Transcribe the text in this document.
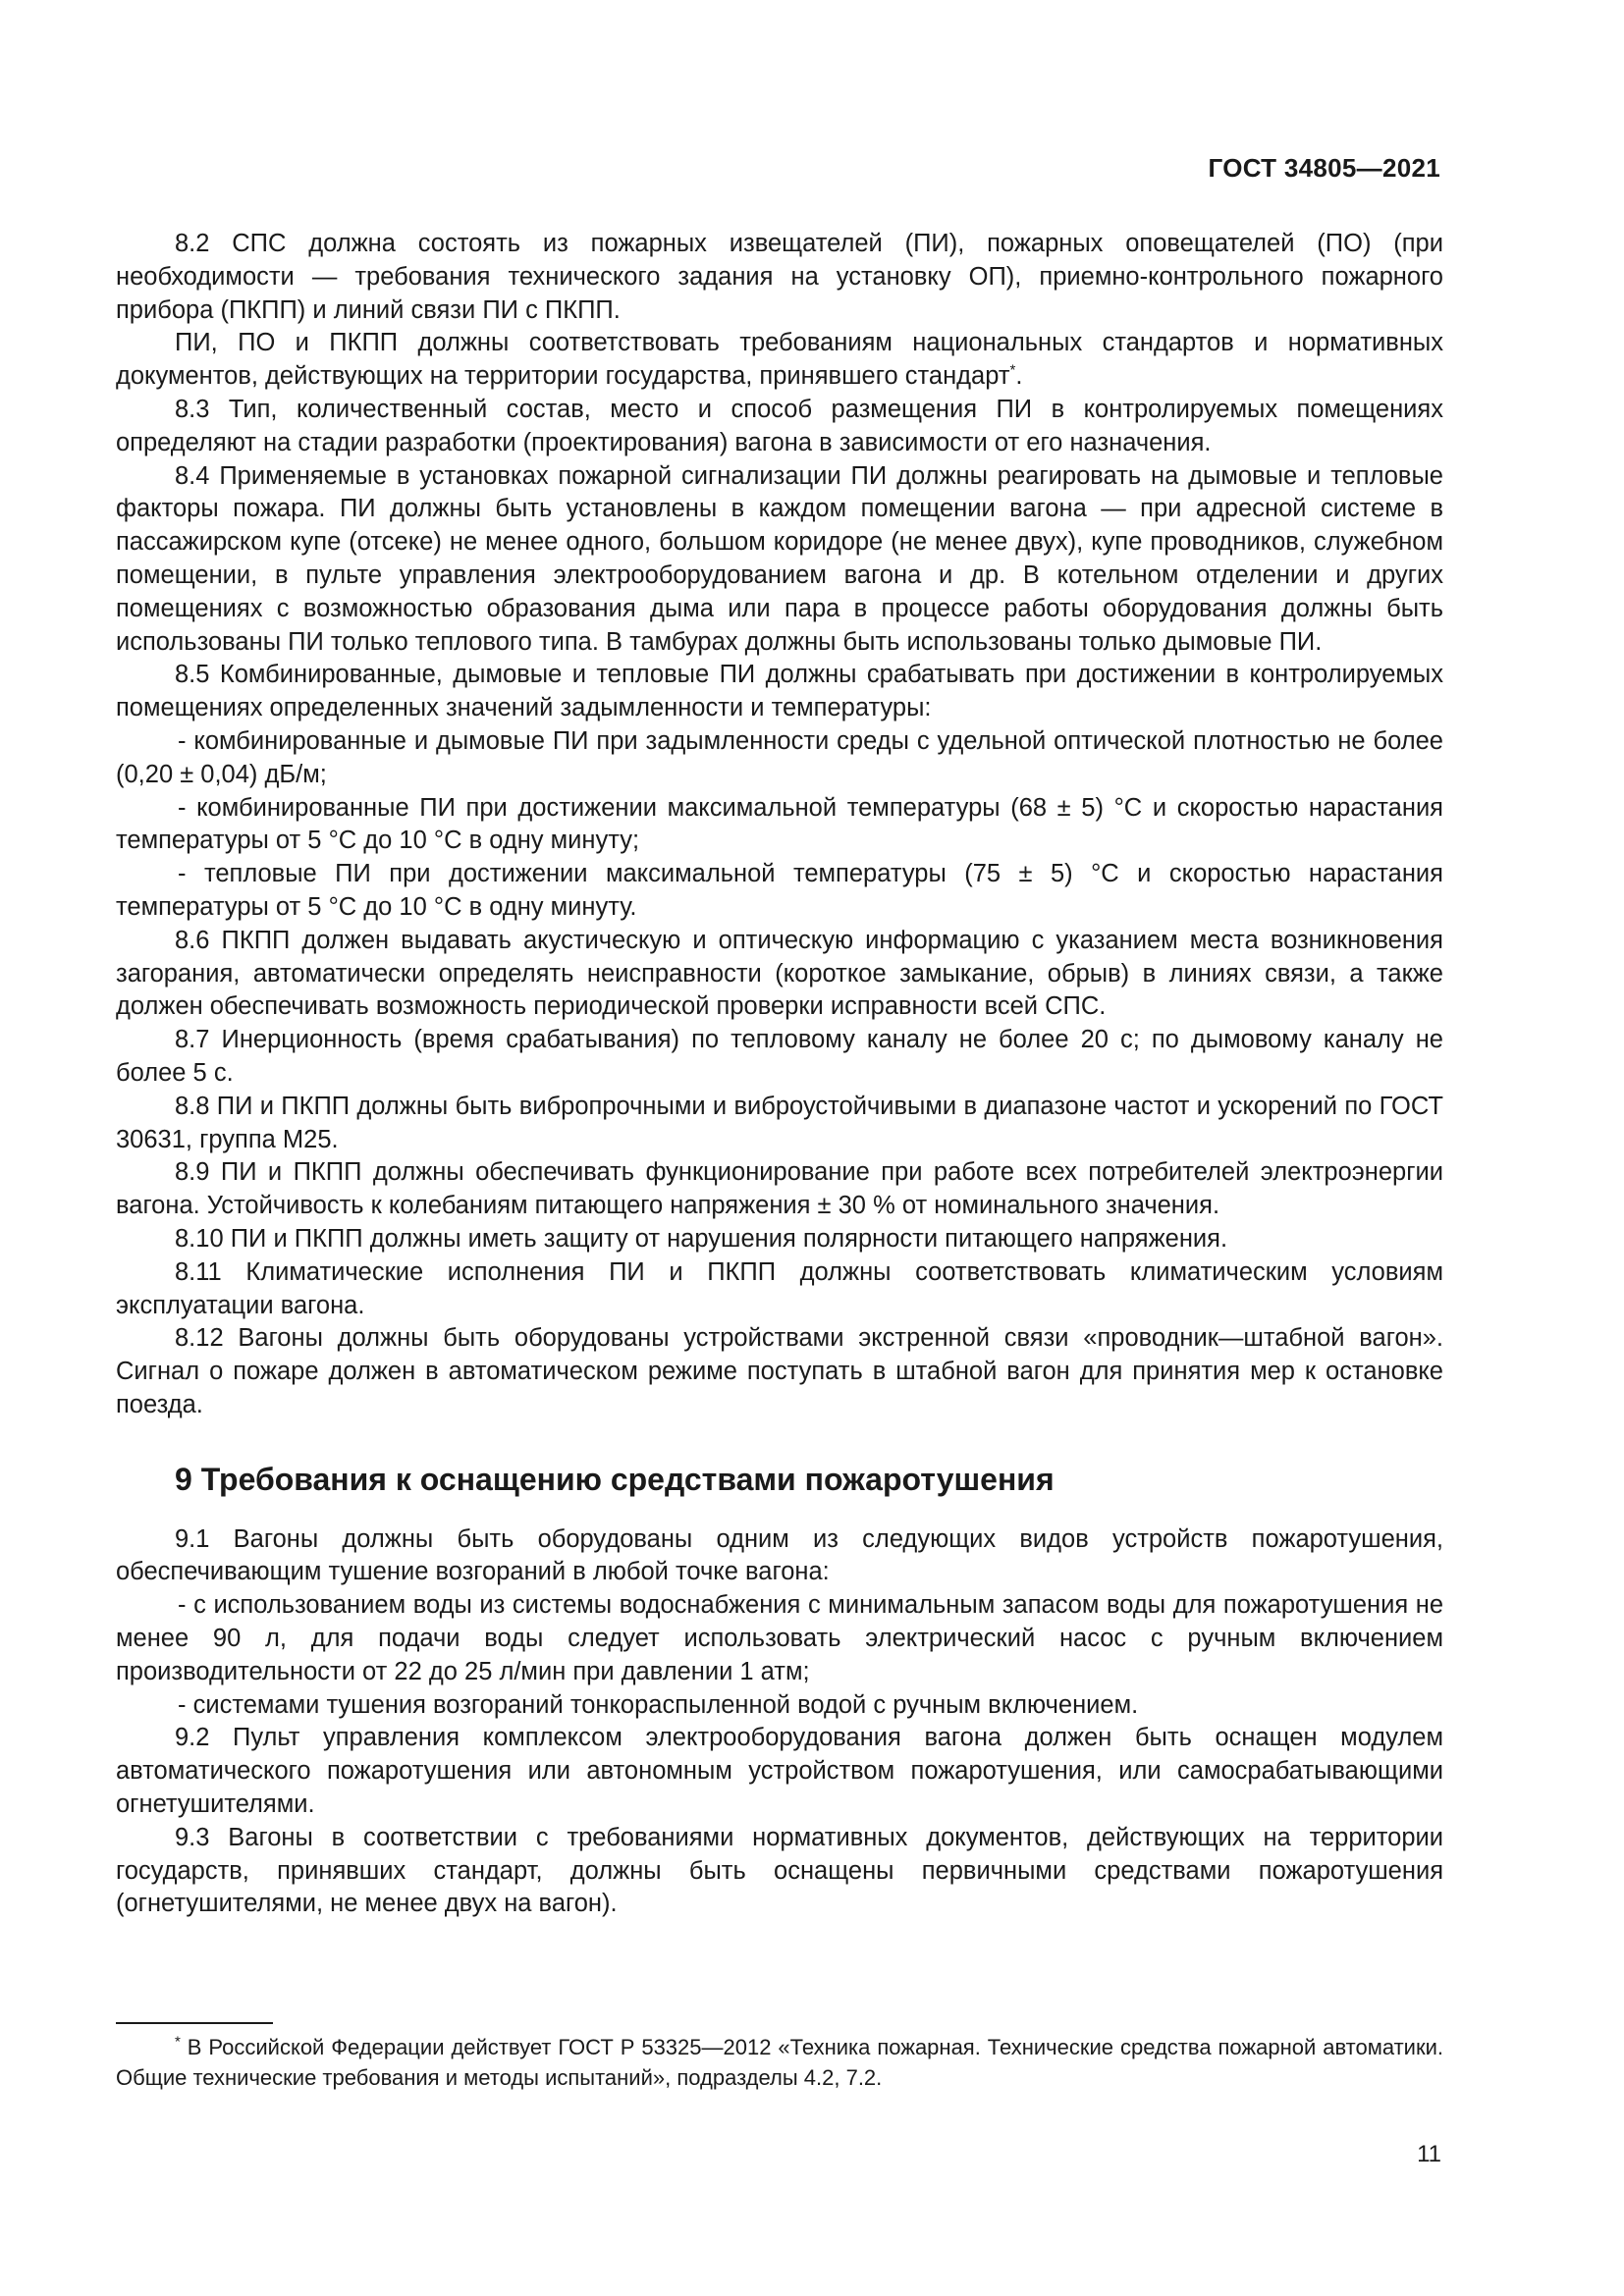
ГОСТ 34805—2021

8.2 СПС должна состоять из пожарных извещателей (ПИ), пожарных оповещателей (ПО) (при необходимости — требования технического задания на установку ОП), приемно-контрольного пожарного прибора (ПКПП) и линий связи ПИ с ПКПП.

ПИ, ПО и ПКПП должны соответствовать требованиям национальных стандартов и нормативных документов, действующих на территории государства, принявшего стандарт*.

8.3 Тип, количественный состав, место и способ размещения ПИ в контролируемых помещениях определяют на стадии разработки (проектирования) вагона в зависимости от его назначения.

8.4 Применяемые в установках пожарной сигнализации ПИ должны реагировать на дымовые и тепловые факторы пожара. ПИ должны быть установлены в каждом помещении вагона — при адресной системе в пассажирском купе (отсеке) не менее одного, большом коридоре (не менее двух), купе проводников, служебном помещении, в пульте управления электрооборудованием вагона и др. В котельном отделении и других помещениях с возможностью образования дыма или пара в процессе работы оборудования должны быть использованы ПИ только теплового типа. В тамбурах должны быть использованы только дымовые ПИ.

8.5 Комбинированные, дымовые и тепловые ПИ должны срабатывать при достижении в контролируемых помещениях определенных значений задымленности и температуры:

- комбинированные и дымовые ПИ при задымленности среды с удельной оптической плотностью не более (0,20 ± 0,04) дБ/м;

- комбинированные ПИ при достижении максимальной температуры (68 ± 5) °С и скоростью нарастания температуры от 5 °С до 10 °С в одну минуту;

- тепловые ПИ при достижении максимальной температуры (75 ± 5) °С и скоростью нарастания температуры от 5 °С до 10 °С в одну минуту.

8.6 ПКПП должен выдавать акустическую и оптическую информацию с указанием места возникновения загорания, автоматически определять неисправности (короткое замыкание, обрыв) в линиях связи, а также должен обеспечивать возможность периодической проверки исправности всей СПС.

8.7 Инерционность (время срабатывания) по тепловому каналу не более 20 с; по дымовому каналу не более 5 с.

8.8 ПИ и ПКПП должны быть вибропрочными и виброустойчивыми в диапазоне частот и ускорений по ГОСТ 30631, группа М25.

8.9 ПИ и ПКПП должны обеспечивать функционирование при работе всех потребителей электроэнергии вагона. Устойчивость к колебаниям питающего напряжения ± 30 % от номинального значения.

8.10 ПИ и ПКПП должны иметь защиту от нарушения полярности питающего напряжения.

8.11 Климатические исполнения ПИ и ПКПП должны соответствовать климатическим условиям эксплуатации вагона.

8.12 Вагоны должны быть оборудованы устройствами экстренной связи «проводник—штабной вагон». Сигнал о пожаре должен в автоматическом режиме поступать в штабной вагон для принятия мер к остановке поезда.

9 Требования к оснащению средствами пожаротушения

9.1 Вагоны должны быть оборудованы одним из следующих видов устройств пожаротушения, обеспечивающим тушение возгораний в любой точке вагона:

- с использованием воды из системы водоснабжения с минимальным запасом воды для пожаротушения не менее 90 л, для подачи воды следует использовать электрический насос с ручным включением производительности от 22 до 25 л/мин при давлении 1 атм;

- системами тушения возгораний тонкораспыленной водой с ручным включением.

9.2 Пульт управления комплексом электрооборудования вагона должен быть оснащен модулем автоматического пожаротушения или автономным устройством пожаротушения, или самосрабатывающими огнетушителями.

9.3 Вагоны в соответствии с требованиями нормативных документов, действующих на территории государств, принявших стандарт, должны быть оснащены первичными средствами пожаротушения (огнетушителями, не менее двух на вагон).

* В Российской Федерации действует ГОСТ Р 53325—2012 «Техника пожарная. Технические средства пожарной автоматики. Общие технические требования и методы испытаний», подразделы 4.2, 7.2.

11
